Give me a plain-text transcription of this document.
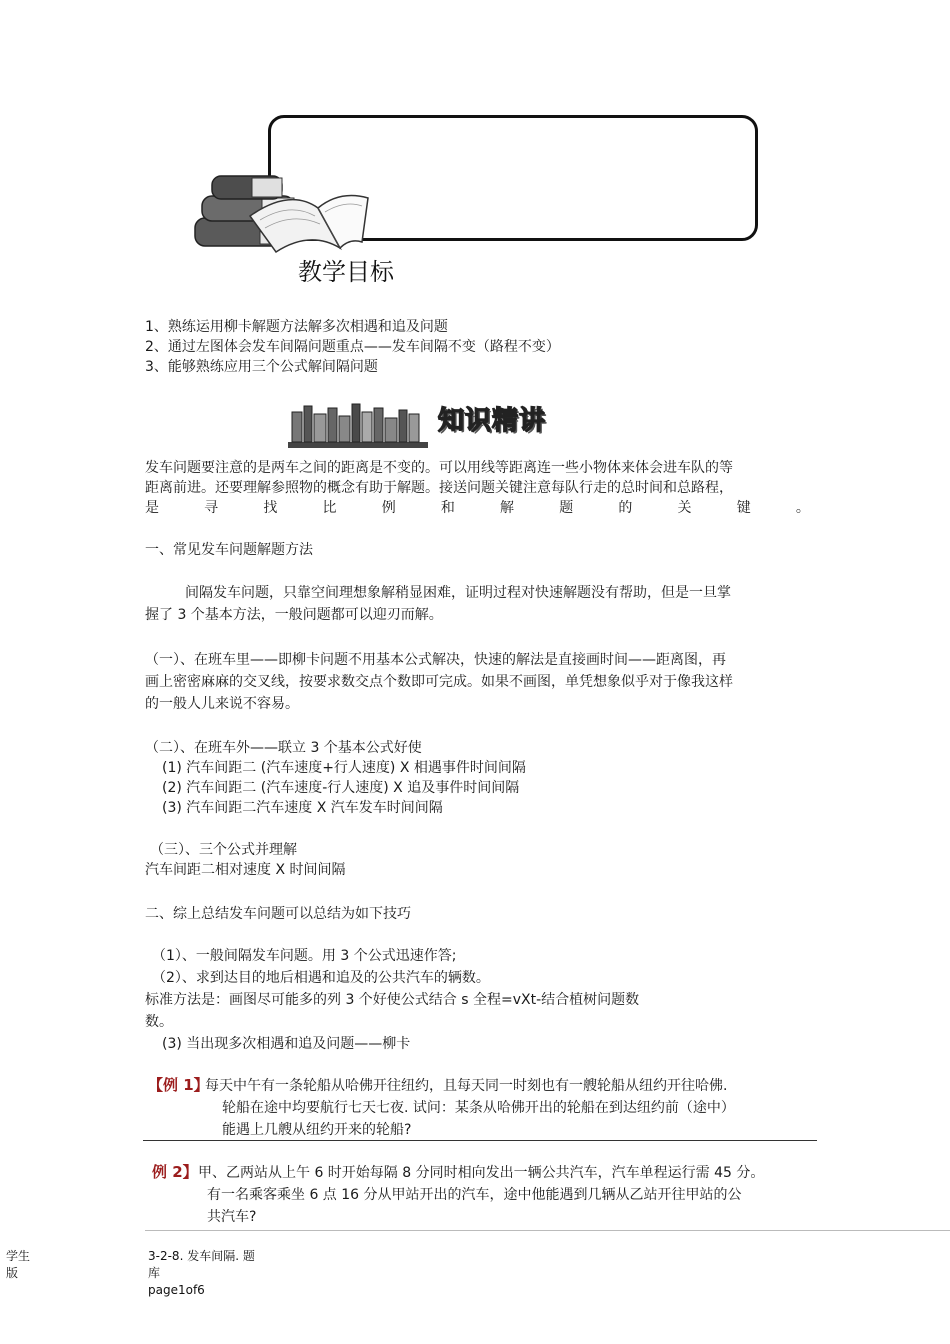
教学目标
1、熟练运用柳卡解题方法解多次相遇和追及问题
2、通过左图体会发车间隔问题重点——发车间隔不变（路程不变）
3、能够熟练应用三个公式解间隔问题
知识精讲
发车问题要注意的是两车之间的距离是不变的。可以用线等距离连一些小物体来体会进车队的等
距离前进。还要理解参照物的概念有助于解题。接送问题关键注意每队行走的总时间和总路程，
是	寻	找	比	例	和	解	题	的	关	键	。
一、常见发车问题解题方法
间隔发车问题，只靠空间理想象解稍显困难，证明过程对快速解题没有帮助，但是一旦掌
握了 3 个基本方法，一般问题都可以迎刃而解。
（一）、在班车里——即柳卡问题不用基本公式解决，快速的解法是直接画时间——距离图，再
画上密密麻麻的交叉线，按要求数交点个数即可完成。如果不画图，单凭想象似乎对于像我这样
的一般人儿来说不容易。
（二）、在班车外——联立 3 个基本公式好使
(1) 汽车间距二 (汽车速度+行人速度) X 相遇事件时间间隔
(2) 汽车间距二 (汽车速度-行人速度) X 追及事件时间间隔
(3) 汽车间距二汽车速度 X 汽车发车时间间隔
（三）、三个公式并理解
汽车间距二相对速度 X 时间间隔
二、综上总结发车问题可以总结为如下技巧
（1）、一般间隔发车问题。用 3 个公式迅速作答;
（2）、求到达目的地后相遇和追及的公共汽车的辆数。
标准方法是：画图尽可能多的列 3 个好使公式结合 s 全程=vXt-结合植树问题数
数。
(3) 当出现多次相遇和追及问题——柳卡
【例 1】
每天中午有一条轮船从哈佛开往纽约，且每天同一时刻也有一艘轮船从纽约开往哈佛.
轮船在途中均要航行七天七夜. 试问：某条从哈佛开出的轮船在到达纽约前（途中）
能遇上几艘从纽约开来的轮船?
例 2】 甲、乙两站从上午 6 时开始每隔 8 分同时相向发出一辆公共汽车，汽车单程运行需 45 分。
有一名乘客乘坐 6 点 16 分从甲站开出的汽车，途中他能遇到几辆从乙站开往甲站的公
共汽车?
学生
版
3-2-8. 发车间隔. 题
库
page1of6
